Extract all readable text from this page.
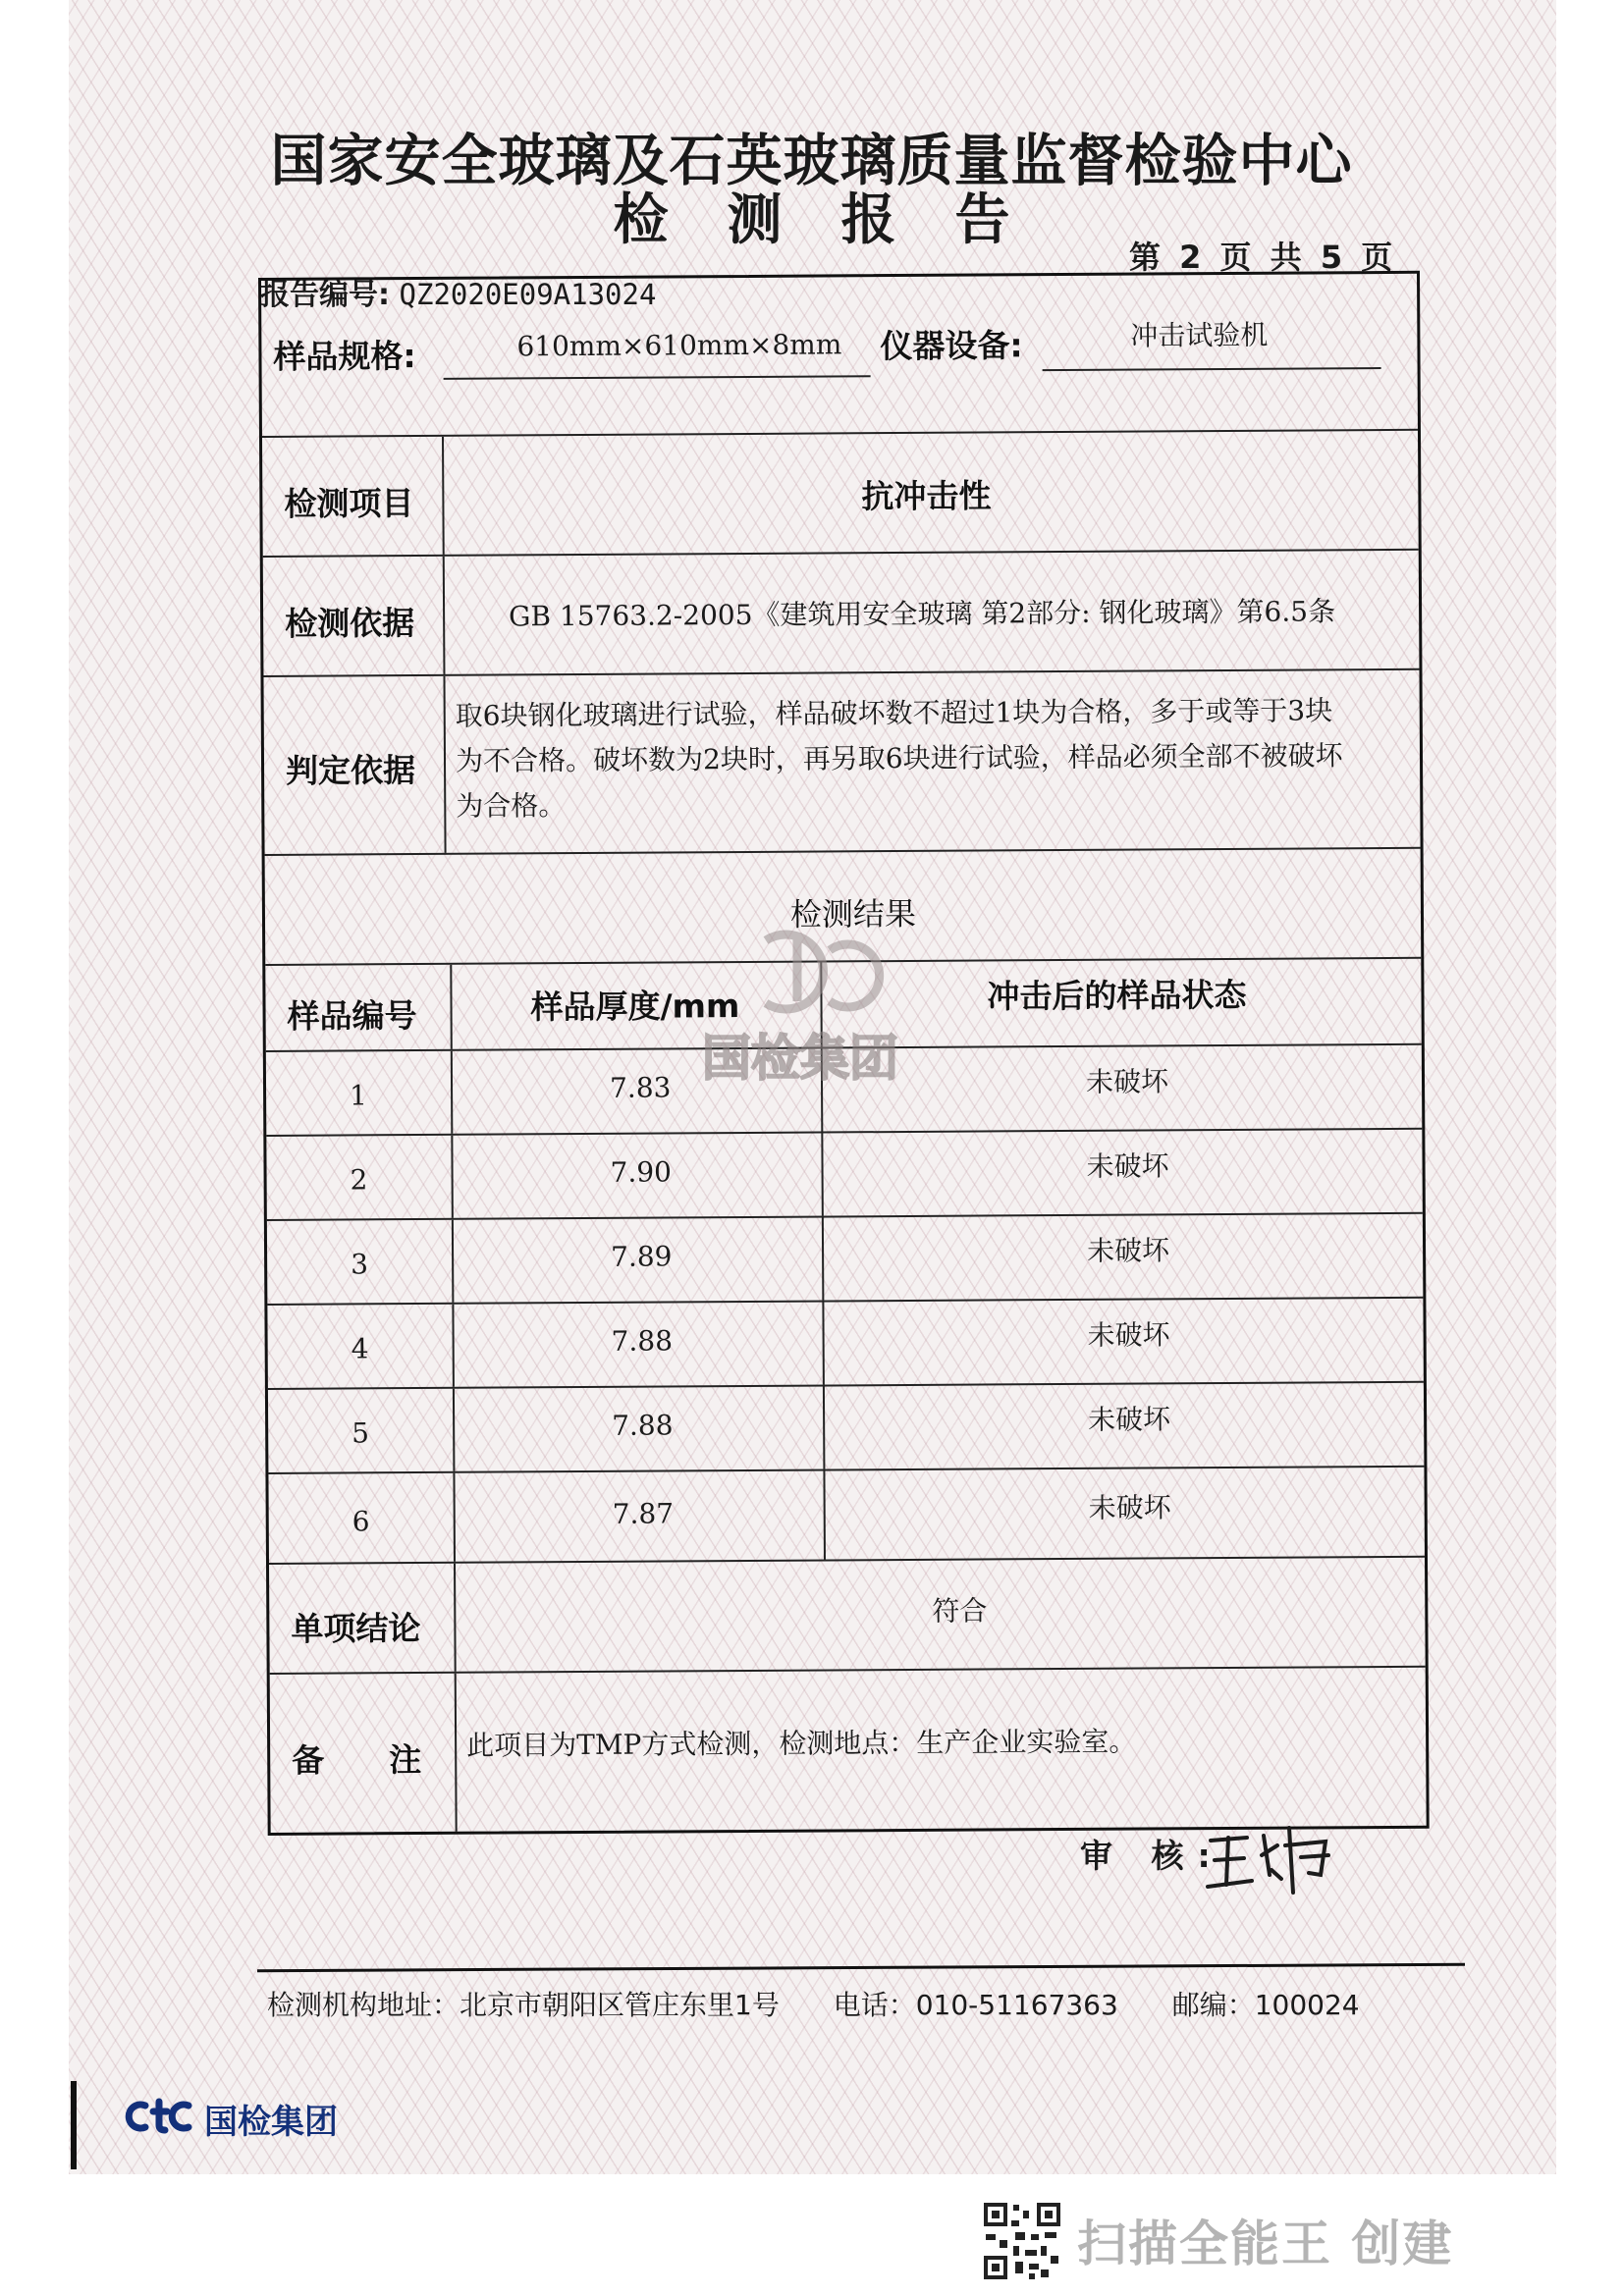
国家安全玻璃及石英玻璃质量监督检验中心
检测报告
第 2 页 共 5 页
报告编号: QZ2020E09A13024
样品规格:	610mm×610mm×8mm 仪器设备:	冲击试验机
检测项目	抗冲击性
检测依据	GB 15763.2-2005《建筑用安全玻璃 第2部分: 钢化玻璃》第6.5条
判定依据
取6块钢化玻璃进行试验，样品破坏数不超过1块为合格，多于或等于3块
为不合格。破坏数为2块时，再另取6块进行试验，样品必须全部不被破坏
为合格。
检测结果
样品编号	样品厚度/mm	冲击后的样品状态
1	7.83	未破坏
2	7.90	未破坏
3	7.89	未破坏
4	7.88	未破坏
5	7.88	未破坏
6	7.87	未破坏
单项结论	符合
备　　注 此项目为TMP方式检测，检测地点：生产企业实验室。
国检集团
审 核:
检测机构地址：北京市朝阳区管庄东里1号 电话：010-51167363 邮编：100024
国检集团
扫描全能王 创建
